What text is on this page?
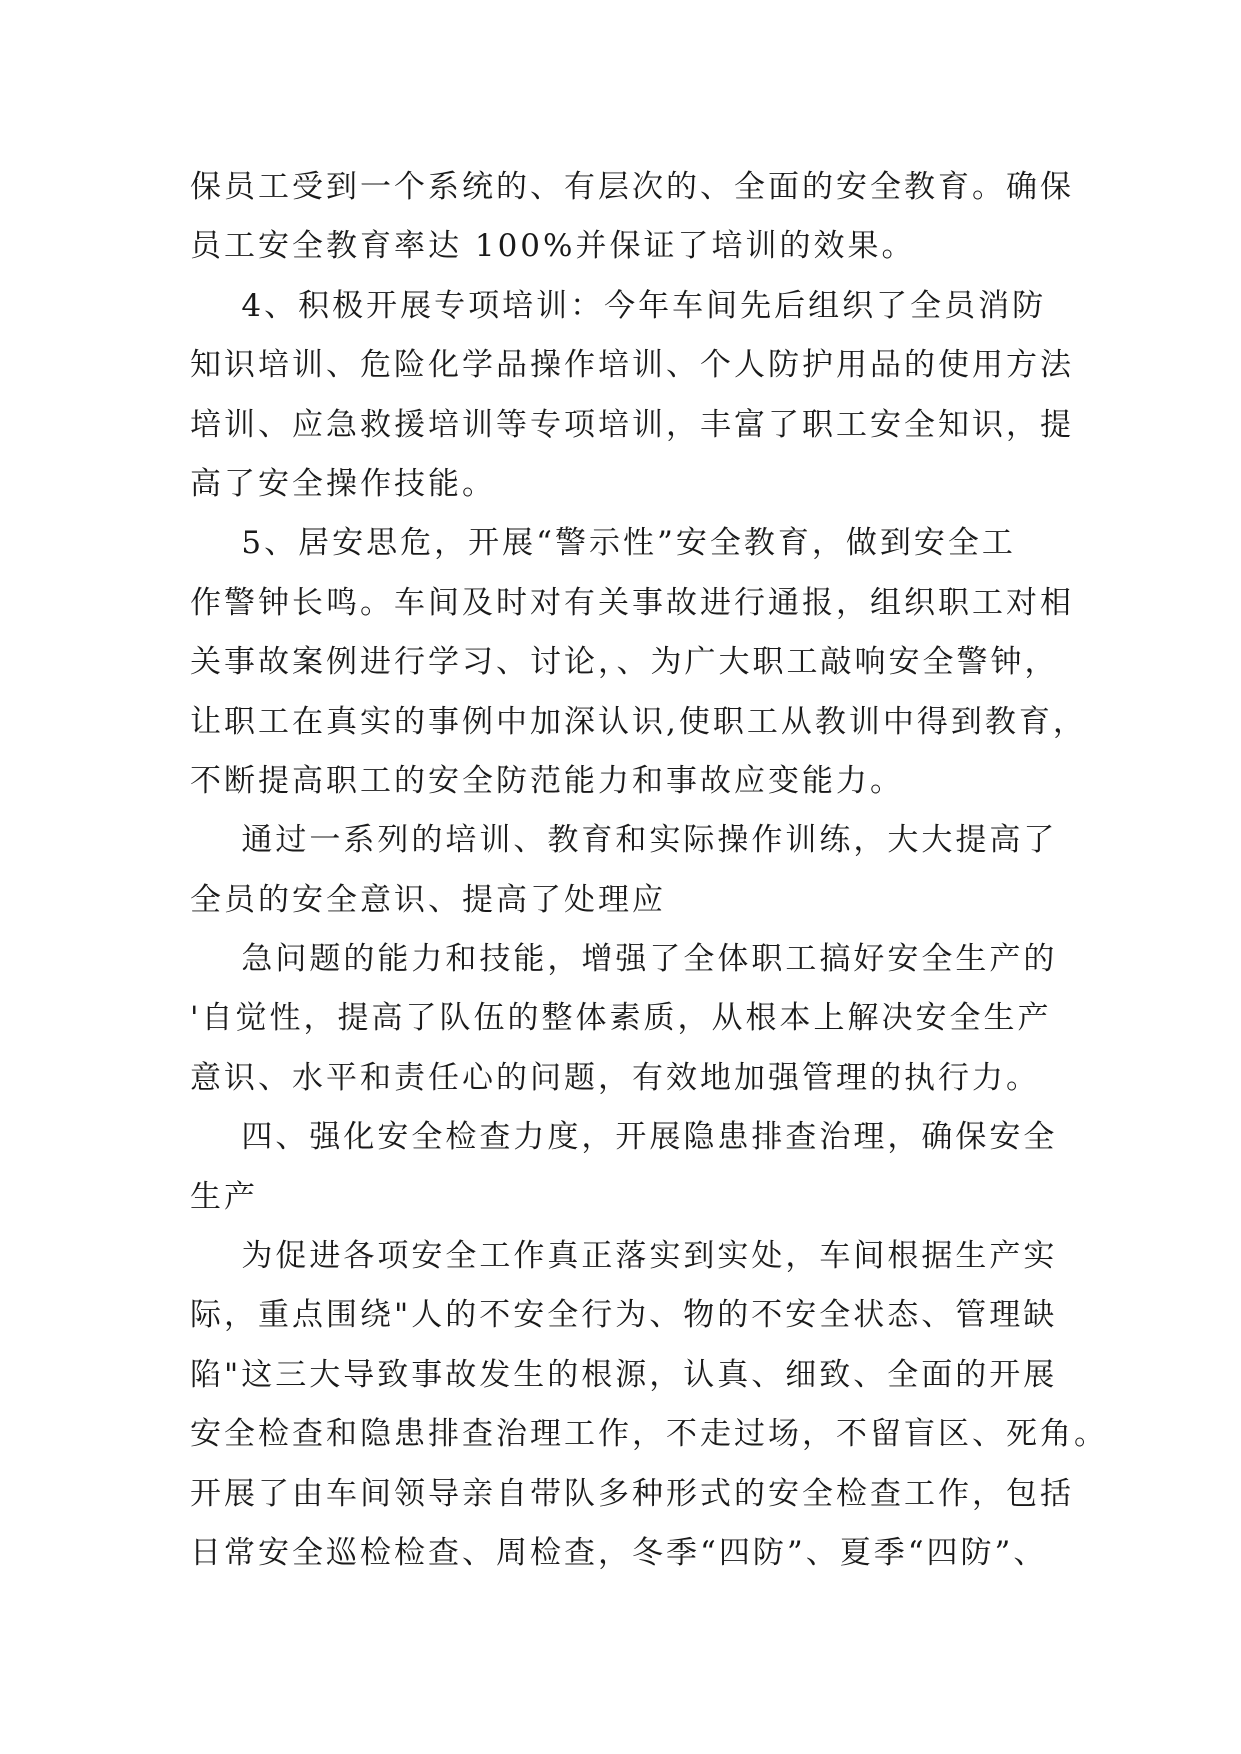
保员工受到一个系统的、有层次的、全面的安全教育。确保
员工安全教育率达 100%并保证了培训的效果。
4、积极开展专项培训：今年车间先后组织了全员消防
知识培训、危险化学品操作培训、个人防护用品的使用方法
培训、应急救援培训等专项培训，丰富了职工安全知识，提
高了安全操作技能。
5、居安思危，开展“警示性”安全教育，做到安全工
作警钟长鸣。车间及时对有关事故进行通报，组织职工对相
关事故案例进行学习、讨论，、为广大职工敲响安全警钟，
让职工在真实的事例中加深认识,使职工从教训中得到教育，
不断提高职工的安全防范能力和事故应变能力。
通过一系列的培训、教育和实际操作训练，大大提高了
全员的安全意识、提高了处理应
急问题的能力和技能，增强了全体职工搞好安全生产的
'自觉性，提高了队伍的整体素质，从根本上解决安全生产
意识、水平和责任心的问题，有效地加强管理的执行力。
四、强化安全检查力度，开展隐患排查治理，确保安全
生产
为促进各项安全工作真正落实到实处，车间根据生产实
际，重点围绕"人的不安全行为、物的不安全状态、管理缺
陷"这三大导致事故发生的根源，认真、细致、全面的开展
安全检查和隐患排查治理工作，不走过场，不留盲区、死角。
开展了由车间领导亲自带队多种形式的安全检查工作，包括
日常安全巡检检查、周检查，冬季“四防”、夏季“四防”、
